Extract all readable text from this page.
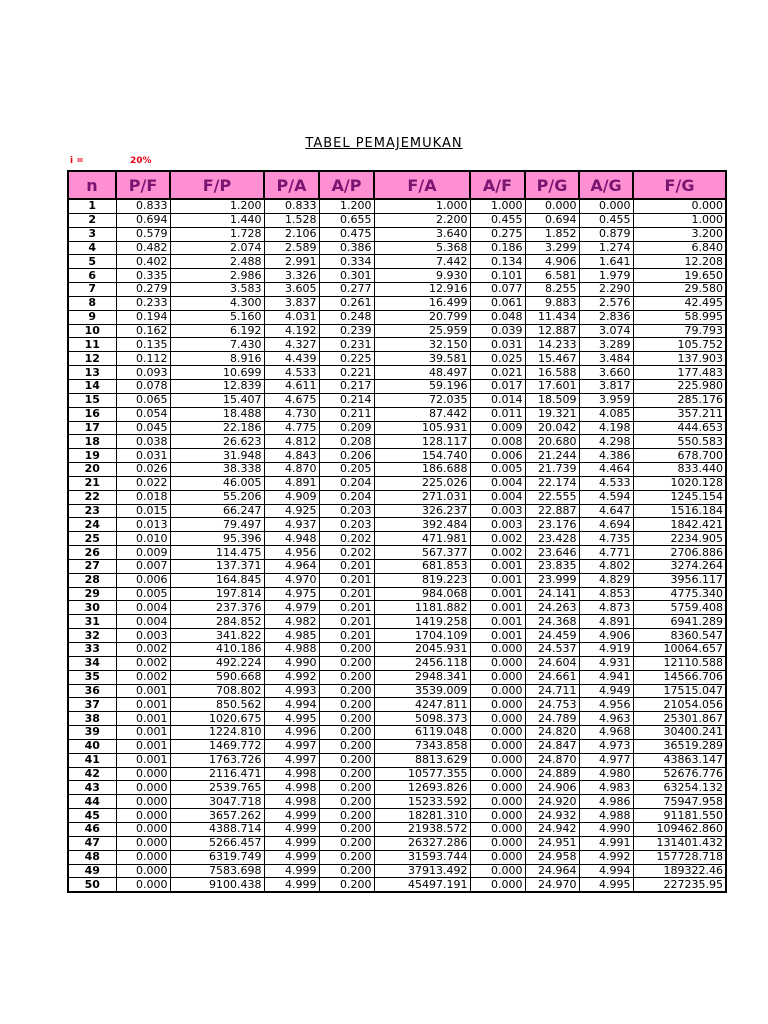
TABEL PEMAJEMUKAN
i =	20%
n	P/F	F/P	P/A	A/P	F/A	A/F	P/G	A/G	F/G
1	0.833	1.200	0.833	1.200	1.000	1.000	0.000	0.000	0.000
2	0.694	1.440	1.528	0.655	2.200	0.455	0.694	0.455	1.000
3	0.579	1.728	2.106	0.475	3.640	0.275	1.852	0.879	3.200
4	0.482	2.074	2.589	0.386	5.368	0.186	3.299	1.274	6.840
5	0.402	2.488	2.991	0.334	7.442	0.134	4.906	1.641	12.208
6	0.335	2.986	3.326	0.301	9.930	0.101	6.581	1.979	19.650
7	0.279	3.583	3.605	0.277	12.916	0.077	8.255	2.290	29.580
8	0.233	4.300	3.837	0.261	16.499	0.061	9.883	2.576	42.495
9	0.194	5.160	4.031	0.248	20.799	0.048	11.434	2.836	58.995
10	0.162	6.192	4.192	0.239	25.959	0.039	12.887	3.074	79.793
11	0.135	7.430	4.327	0.231	32.150	0.031	14.233	3.289	105.752
12	0.112	8.916	4.439	0.225	39.581	0.025	15.467	3.484	137.903
13	0.093	10.699	4.533	0.221	48.497	0.021	16.588	3.660	177.483
14	0.078	12.839	4.611	0.217	59.196	0.017	17.601	3.817	225.980
15	0.065	15.407	4.675	0.214	72.035	0.014	18.509	3.959	285.176
16	0.054	18.488	4.730	0.211	87.442	0.011	19.321	4.085	357.211
17	0.045	22.186	4.775	0.209	105.931	0.009	20.042	4.198	444.653
18	0.038	26.623	4.812	0.208	128.117	0.008	20.680	4.298	550.583
19	0.031	31.948	4.843	0.206	154.740	0.006	21.244	4.386	678.700
20	0.026	38.338	4.870	0.205	186.688	0.005	21.739	4.464	833.440
21	0.022	46.005	4.891	0.204	225.026	0.004	22.174	4.533	1020.128
22	0.018	55.206	4.909	0.204	271.031	0.004	22.555	4.594	1245.154
23	0.015	66.247	4.925	0.203	326.237	0.003	22.887	4.647	1516.184
24	0.013	79.497	4.937	0.203	392.484	0.003	23.176	4.694	1842.421
25	0.010	95.396	4.948	0.202	471.981	0.002	23.428	4.735	2234.905
26	0.009	114.475	4.956	0.202	567.377	0.002	23.646	4.771	2706.886
27	0.007	137.371	4.964	0.201	681.853	0.001	23.835	4.802	3274.264
28	0.006	164.845	4.970	0.201	819.223	0.001	23.999	4.829	3956.117
29	0.005	197.814	4.975	0.201	984.068	0.001	24.141	4.853	4775.340
30	0.004	237.376	4.979	0.201	1181.882	0.001	24.263	4.873	5759.408
31	0.004	284.852	4.982	0.201	1419.258	0.001	24.368	4.891	6941.289
32	0.003	341.822	4.985	0.201	1704.109	0.001	24.459	4.906	8360.547
33	0.002	410.186	4.988	0.200	2045.931	0.000	24.537	4.919	10064.657
34	0.002	492.224	4.990	0.200	2456.118	0.000	24.604	4.931	12110.588
35	0.002	590.668	4.992	0.200	2948.341	0.000	24.661	4.941	14566.706
36	0.001	708.802	4.993	0.200	3539.009	0.000	24.711	4.949	17515.047
37	0.001	850.562	4.994	0.200	4247.811	0.000	24.753	4.956	21054.056
38	0.001	1020.675	4.995	0.200	5098.373	0.000	24.789	4.963	25301.867
39	0.001	1224.810	4.996	0.200	6119.048	0.000	24.820	4.968	30400.241
40	0.001	1469.772	4.997	0.200	7343.858	0.000	24.847	4.973	36519.289
41	0.001	1763.726	4.997	0.200	8813.629	0.000	24.870	4.977	43863.147
42	0.000	2116.471	4.998	0.200	10577.355	0.000	24.889	4.980	52676.776
43	0.000	2539.765	4.998	0.200	12693.826	0.000	24.906	4.983	63254.132
44	0.000	3047.718	4.998	0.200	15233.592	0.000	24.920	4.986	75947.958
45	0.000	3657.262	4.999	0.200	18281.310	0.000	24.932	4.988	91181.550
46	0.000	4388.714	4.999	0.200	21938.572	0.000	24.942	4.990	109462.860
47	0.000	5266.457	4.999	0.200	26327.286	0.000	24.951	4.991	131401.432
48	0.000	6319.749	4.999	0.200	31593.744	0.000	24.958	4.992	157728.718
49	0.000	7583.698	4.999	0.200	37913.492	0.000	24.964	4.994	189322.46
50	0.000	9100.438	4.999	0.200	45497.191	0.000	24.970	4.995	227235.95
